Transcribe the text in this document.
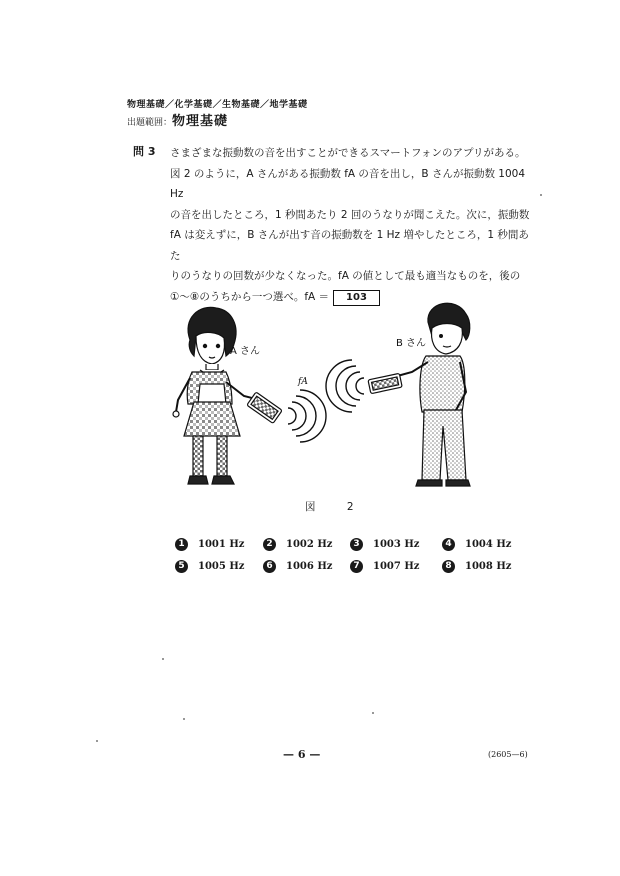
物理基礎／化学基礎／生物基礎／地学基礎
出題範囲：物理基礎
問 3 さまざまな振動数の音を出すことができるスマートフォンのアプリがある。
図 2 のように，A さんがある振動数 fA の音を出し，B さんが振動数 1004 Hz
の音を出したところ，1 秒間あたり 2 回のうなりが聞こえた。次に，振動数
fA は変えずに，B さんが出す音の振動数を 1 Hz 増やしたところ，1 秒間あた
りのうなりの回数が少なくなった。fA の値として最も適当なものを，後の
①〜⑧のうちから一つ選べ。fA ＝ 103
A さん
B さん
fA
図 2
1 1001 Hz	2 1002 Hz	3 1003 Hz	4 1004 Hz
5 1005 Hz	6 1006 Hz	7 1007 Hz	8 1008 Hz
— 6 —	(2605—6)
